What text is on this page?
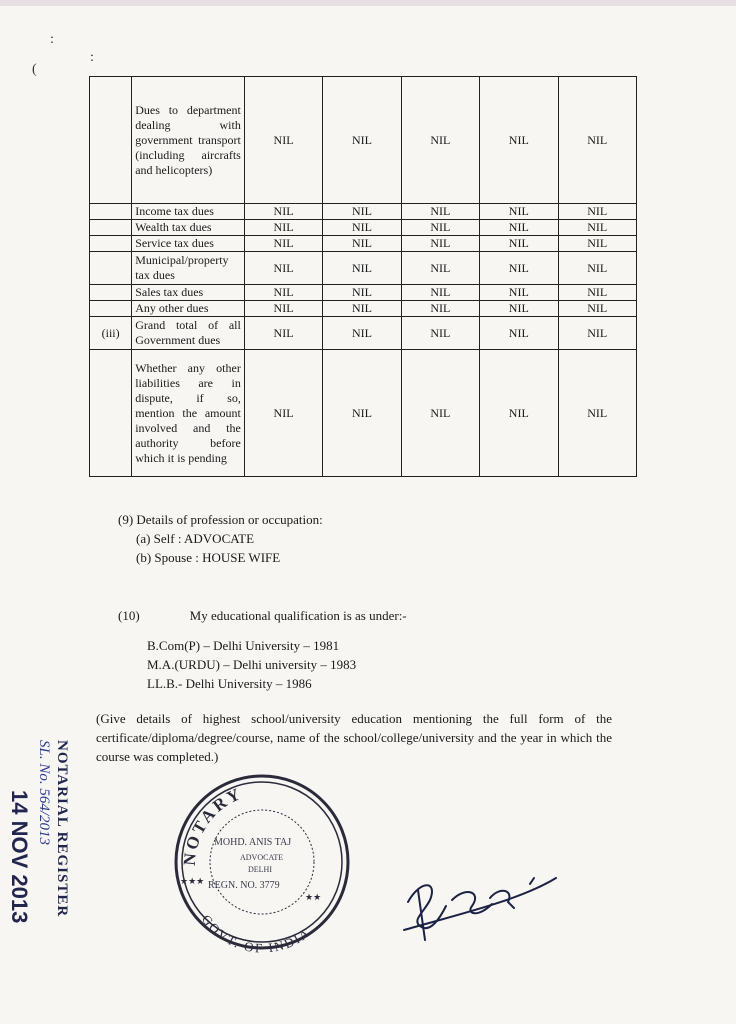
:
:
(
	Dues to department dealing with government transport (including aircrafts and helicopters)	NIL	NIL	NIL	NIL	NIL
	Income tax dues	NIL	NIL	NIL	NIL	NIL
	Wealth tax dues	NIL	NIL	NIL	NIL	NIL
	Service tax dues	NIL	NIL	NIL	NIL	NIL
	Municipal/property tax dues	NIL	NIL	NIL	NIL	NIL
	Sales tax dues	NIL	NIL	NIL	NIL	NIL
	Any other dues	NIL	NIL	NIL	NIL	NIL
(iii)	Grand total of all Government dues	NIL	NIL	NIL	NIL	NIL
	Whether any other liabilities are in dispute, if so, mention the amount involved and the authority before which it is pending	NIL	NIL	NIL	NIL	NIL
(9) Details of profession or occupation:
(a) Self : ADVOCATE
(b) Spouse : HOUSE WIFE
(10)	My educational qualification is as under:-
B.Com(P) – Delhi University – 1981
M.A.(URDU) – Delhi university – 1983
LL.B.- Delhi University – 1986
(Give details of highest school/university education mentioning the full form of the certificate/diploma/degree/course, name of the school/college/university and the year in which the course was completed.)
NOTARY
GOVT. OF INDIA
MOHD. ANIS TAJ
ADVOCATE
DELHI
REGN. NO. 3779
★★★
★★
NOTARIAL REGISTER
SL. No. 564/2013
14 NOV 2013
